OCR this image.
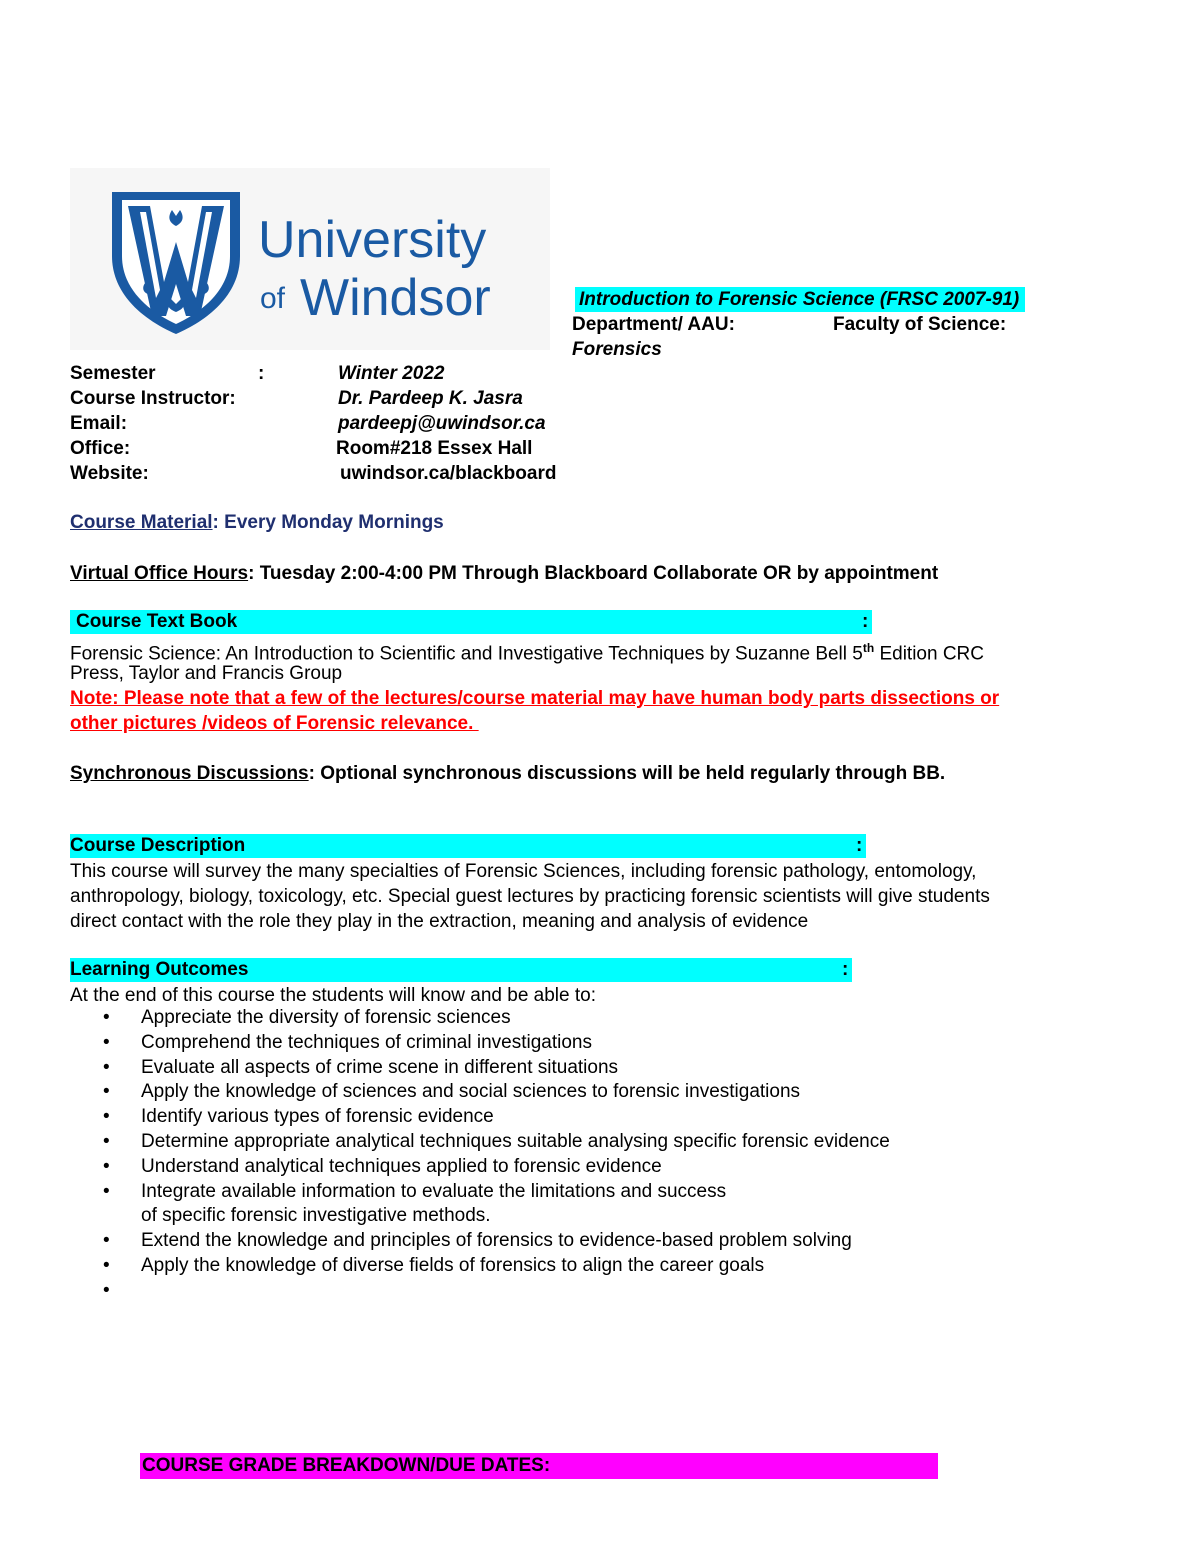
University
of Windsor	Introduction to Forensic Science (FRSC 2007-91)
Department/ AAU:	Faculty of Science:
Forensics
Semester	:	Winter 2022
Course Instructor:	Dr. Pardeep K. Jasra
Email:	pardeepj@uwindsor.ca
Office:	Room#218 Essex Hall
Website:	uwindsor.ca/blackboard
Course Material: Every Monday Mornings
Virtual Office Hours: Tuesday 2:00-4:00 PM Through Blackboard Collaborate OR by appointment
Course Text Book	:
Forensic Science: An Introduction to Scientific and Investigative Techniques by Suzanne Bell 5th Edition CRC
Press, Taylor and Francis Group
Note: Please note that a few of the lectures/course material may have human body parts dissections or
other pictures /videos of Forensic relevance.
Synchronous Discussions: Optional synchronous discussions will be held regularly through BB.
Course Description	:
This course will survey the many specialties of Forensic Sciences, including forensic pathology, entomology,
anthropology, biology, toxicology, etc. Special guest lectures by practicing forensic scientists will give students
direct contact with the role they play in the extraction, meaning and analysis of evidence
Learning Outcomes	:
At the end of this course the students will know and be able to:
• Appreciate the diversity of forensic sciences
• Comprehend the techniques of criminal investigations
• Evaluate all aspects of crime scene in different situations
• Apply the knowledge of sciences and social sciences to forensic investigations
• Identify various types of forensic evidence
• Determine appropriate analytical techniques suitable analysing specific forensic evidence
• Understand analytical techniques applied to forensic evidence
• Integrate available information to evaluate the limitations and success
of specific forensic investigative methods.
• Extend the knowledge and principles of forensics to evidence-based problem solving
• Apply the knowledge of diverse fields of forensics to align the career goals
•
COURSE GRADE BREAKDOWN/DUE DATES:
